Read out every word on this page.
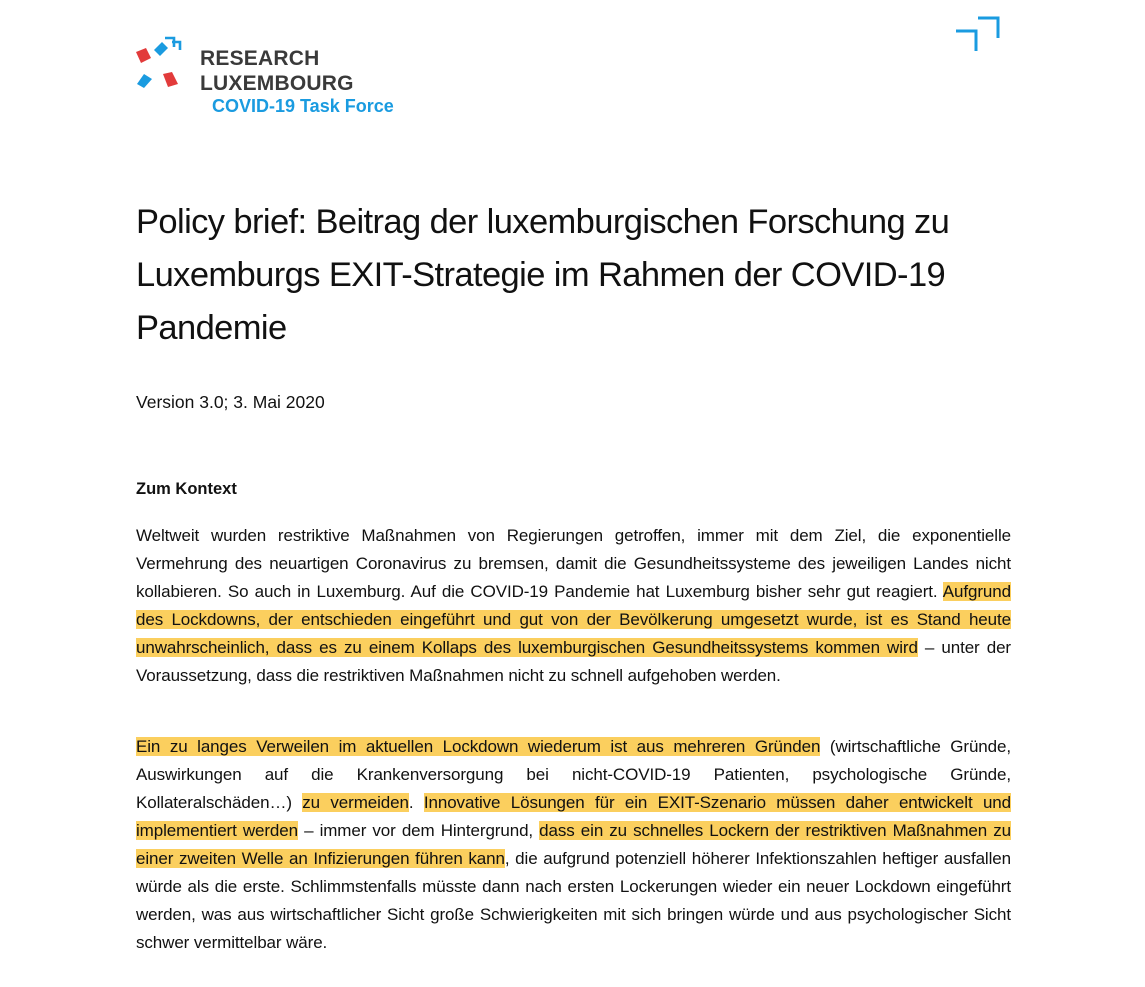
RESEARCH
LUXEMBOURG
COVID-19 Task Force
Policy brief: Beitrag der luxemburgischen Forschung zu Luxemburgs EXIT-Strategie im Rahmen der COVID-19 Pandemie

Version 3.0; 3. Mai 2020

Zum Kontext

Weltweit wurden restriktive Maßnahmen von Regierungen getroffen, immer mit dem Ziel, die exponentielle Vermehrung des neuartigen Coronavirus zu bremsen, damit die Gesundheitssysteme des jeweiligen Landes nicht kollabieren. So auch in Luxemburg. Auf die COVID-19 Pandemie hat Luxemburg bisher sehr gut reagiert. Aufgrund des Lockdowns, der entschieden eingeführt und gut von der Bevölkerung umgesetzt wurde, ist es Stand heute unwahrscheinlich, dass es zu einem Kollaps des luxemburgischen Gesundheitssystems kommen wird – unter der Voraussetzung, dass die restriktiven Maßnahmen nicht zu schnell aufgehoben werden.

Ein zu langes Verweilen im aktuellen Lockdown wiederum ist aus mehreren Gründen (wirtschaftliche Gründe, Auswirkungen auf die Krankenversorgung bei nicht-COVID-19 Patienten, psychologische Gründe, Kollateralschäden…) zu vermeiden. Innovative Lösungen für ein EXIT-Szenario müssen daher entwickelt und implementiert werden – immer vor dem Hintergrund, dass ein zu schnelles Lockern der restriktiven Maßnahmen zu einer zweiten Welle an Infizierungen führen kann, die aufgrund potenziell höherer Infektionszahlen heftiger ausfallen würde als die erste. Schlimmstenfalls müsste dann nach ersten Lockerungen wieder ein neuer Lockdown eingeführt werden, was aus wirtschaftlicher Sicht große Schwierigkeiten mit sich bringen würde und aus psychologischer Sicht schwer vermittelbar wäre.
